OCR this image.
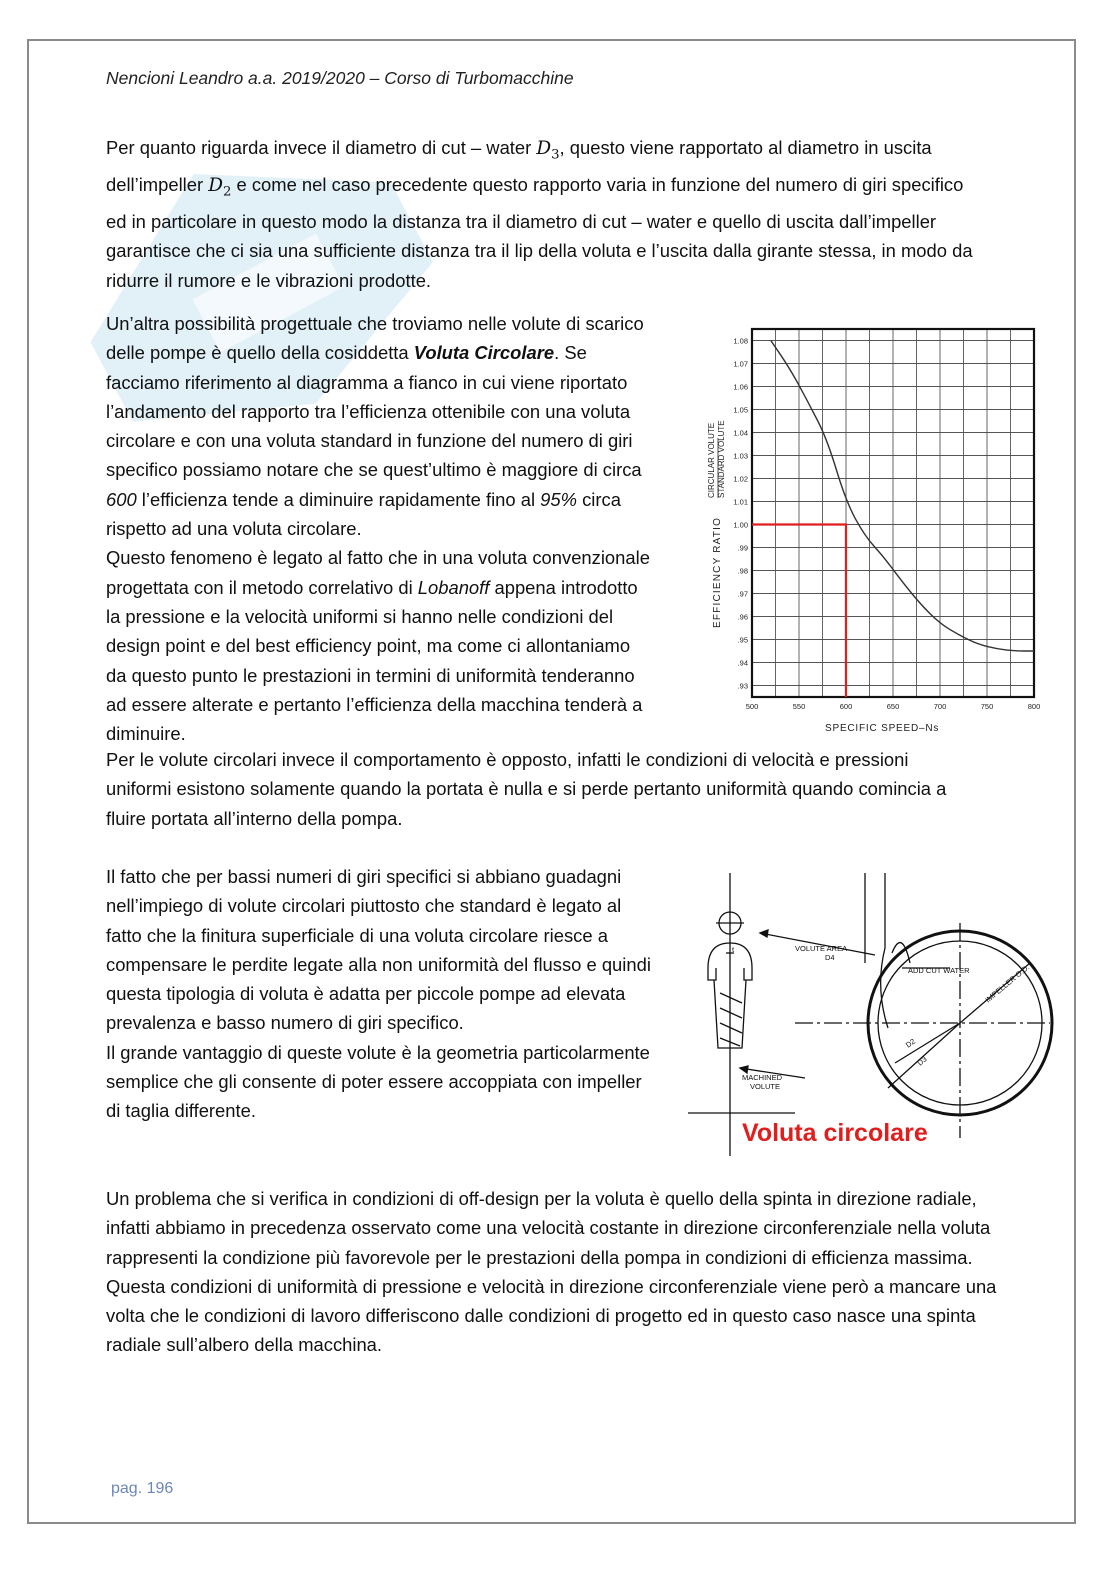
Nencioni Leandro a.a. 2019/2020 – Corso di Turbomacchine

Per quanto riguarda invece il diametro di cut – water $D_3$, questo viene rapportato al diametro in uscita dell’impeller $D_2$ e come nel caso precedente questo rapporto varia in funzione del numero di giri specifico ed in particolare in questo modo la distanza tra il diametro di cut – water e quello di uscita dall’impeller garantisce che ci sia una sufficiente distanza tra il lip della voluta e l’uscita dalla girante stessa, in modo da ridurre il rumore e le vibrazioni prodotte.

Un’altra possibilità progettuale che troviamo nelle volute di scarico delle pompe è quello della cosiddetta Voluta Circolare. Se facciamo riferimento al diagramma a fianco in cui viene riportato l’andamento del rapporto tra l’efficienza ottenibile con una voluta circolare e con una voluta standard in funzione del numero di giri specifico possiamo notare che se quest’ultimo è maggiore di circa 600 l’efficienza tende a diminuire rapidamente fino al 95% circa rispetto ad una voluta circolare.
Questo fenomeno è legato al fatto che in una voluta convenzionale progettata con il metodo correlativo di Lobanoff appena introdotto la pressione e la velocità uniformi si hanno nelle condizioni del design point e del best efficiency point, ma come ci allontaniamo da questo punto le prestazioni in termini di uniformità tenderanno ad essere alterate e pertanto l’efficienza della macchina tenderà a diminuire.

Per le volute circolari invece il comportamento è opposto, infatti le condizioni di velocità e pressioni uniformi esistono solamente quando la portata è nulla e si perde pertanto uniformità quando comincia a fluire portata all’interno della pompa.

Il fatto che per bassi numeri di giri specifici si abbiano guadagni nell’impiego di volute circolari piuttosto che standard è legato al fatto che la finitura superficiale di una voluta circolare riesce a compensare le perdite legate alla non uniformità del flusso e quindi questa tipologia di voluta è adatta per piccole pompe ad elevata prevalenza e basso numero di giri specifico.
Il grande vantaggio di queste volute è la geometria particolarmente semplice che gli consente di poter essere accoppiata con impeller di taglia differente.

Un problema che si verifica in condizioni di off-design per la voluta è quello della spinta in direzione radiale, infatti abbiamo in precedenza osservato come una velocità costante in direzione circonferenziale nella voluta rappresenti la condizione più favorevole per le prestazioni della pompa in condizioni di efficienza massima.
Questa condizioni di uniformità di pressione e velocità in direzione circonferenziale viene però a mancare una volta che le condizioni di lavoro differiscono dalle condizioni di progetto ed in questo caso nasce una spinta radiale sull’albero della macchina.

1.08
1.07
1.06
1.05
1.04
1.03
1.02
1.01
1.00
.99
.98
.97
.96
.95
.94
.93
500	550	600	650	700	750	800
EFFICIENCY RATIO
CIRCULAR VOLUTE STANDARD VOLUTE
SPECIFIC SPEED–Ns
VOLUTE AREA
D4
ADD CUT WATER IMPELLER O.D.
D2
D3
MACHINED
VOLUTE
t
Voluta circolare
pag. 196
